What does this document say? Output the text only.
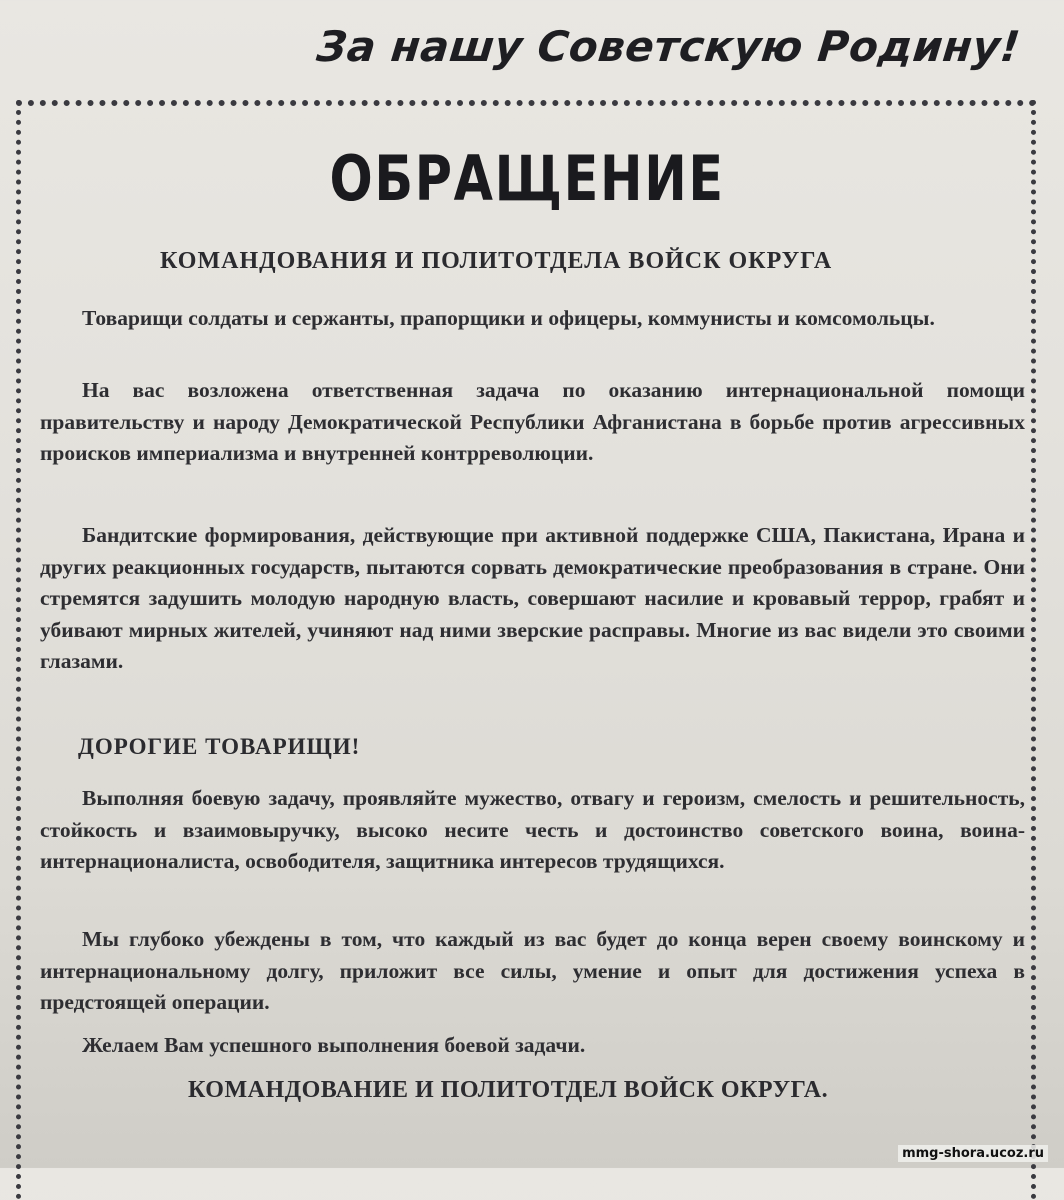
За нашу Советскую Родину!
ОБРАЩЕНИЕ
КОМАНДОВАНИЯ И ПОЛИТОТДЕЛА ВОЙСК ОКРУГА

Товарищи солдаты и сержанты, прапорщики и офицеры, коммунисты и комсомольцы.

На вас возложена ответственная задача по оказанию интернациональной помощи правительству и народу Демократической Республики Афганистана в борьбе против агрессивных происков империализма и внутренней контрреволюции.

Бандитские формирования, действующие при активной поддержке США, Пакистана, Ирана и других реакционных государств, пытаются сорвать демократические преобразования в стране. Они стремятся задушить молодую народную власть, совершают насилие и кровавый террор, грабят и убивают мирных жителей, учиняют над ними зверские расправы. Многие из вас видели это своими глазами.

ДОРОГИЕ ТОВАРИЩИ!

Выполняя боевую задачу, проявляйте мужество, отвагу и героизм, смелость и решительность, стойкость и взаимовыручку, высоко несите честь и достоинство советского воина, воина-интернационалиста, освободителя, защитника интересов трудящихся.

Мы глубоко убеждены в том, что каждый из вас будет до конца верен своему воинскому и интернациональному долгу, приложит все силы, умение и опыт для достижения успеха в предстоящей операции.

Желаем Вам успешного выполнения боевой задачи.

КОМАНДОВАНИЕ И ПОЛИТОТДЕЛ ВОЙСК ОКРУГА.
mmg-shora.ucoz.ru
